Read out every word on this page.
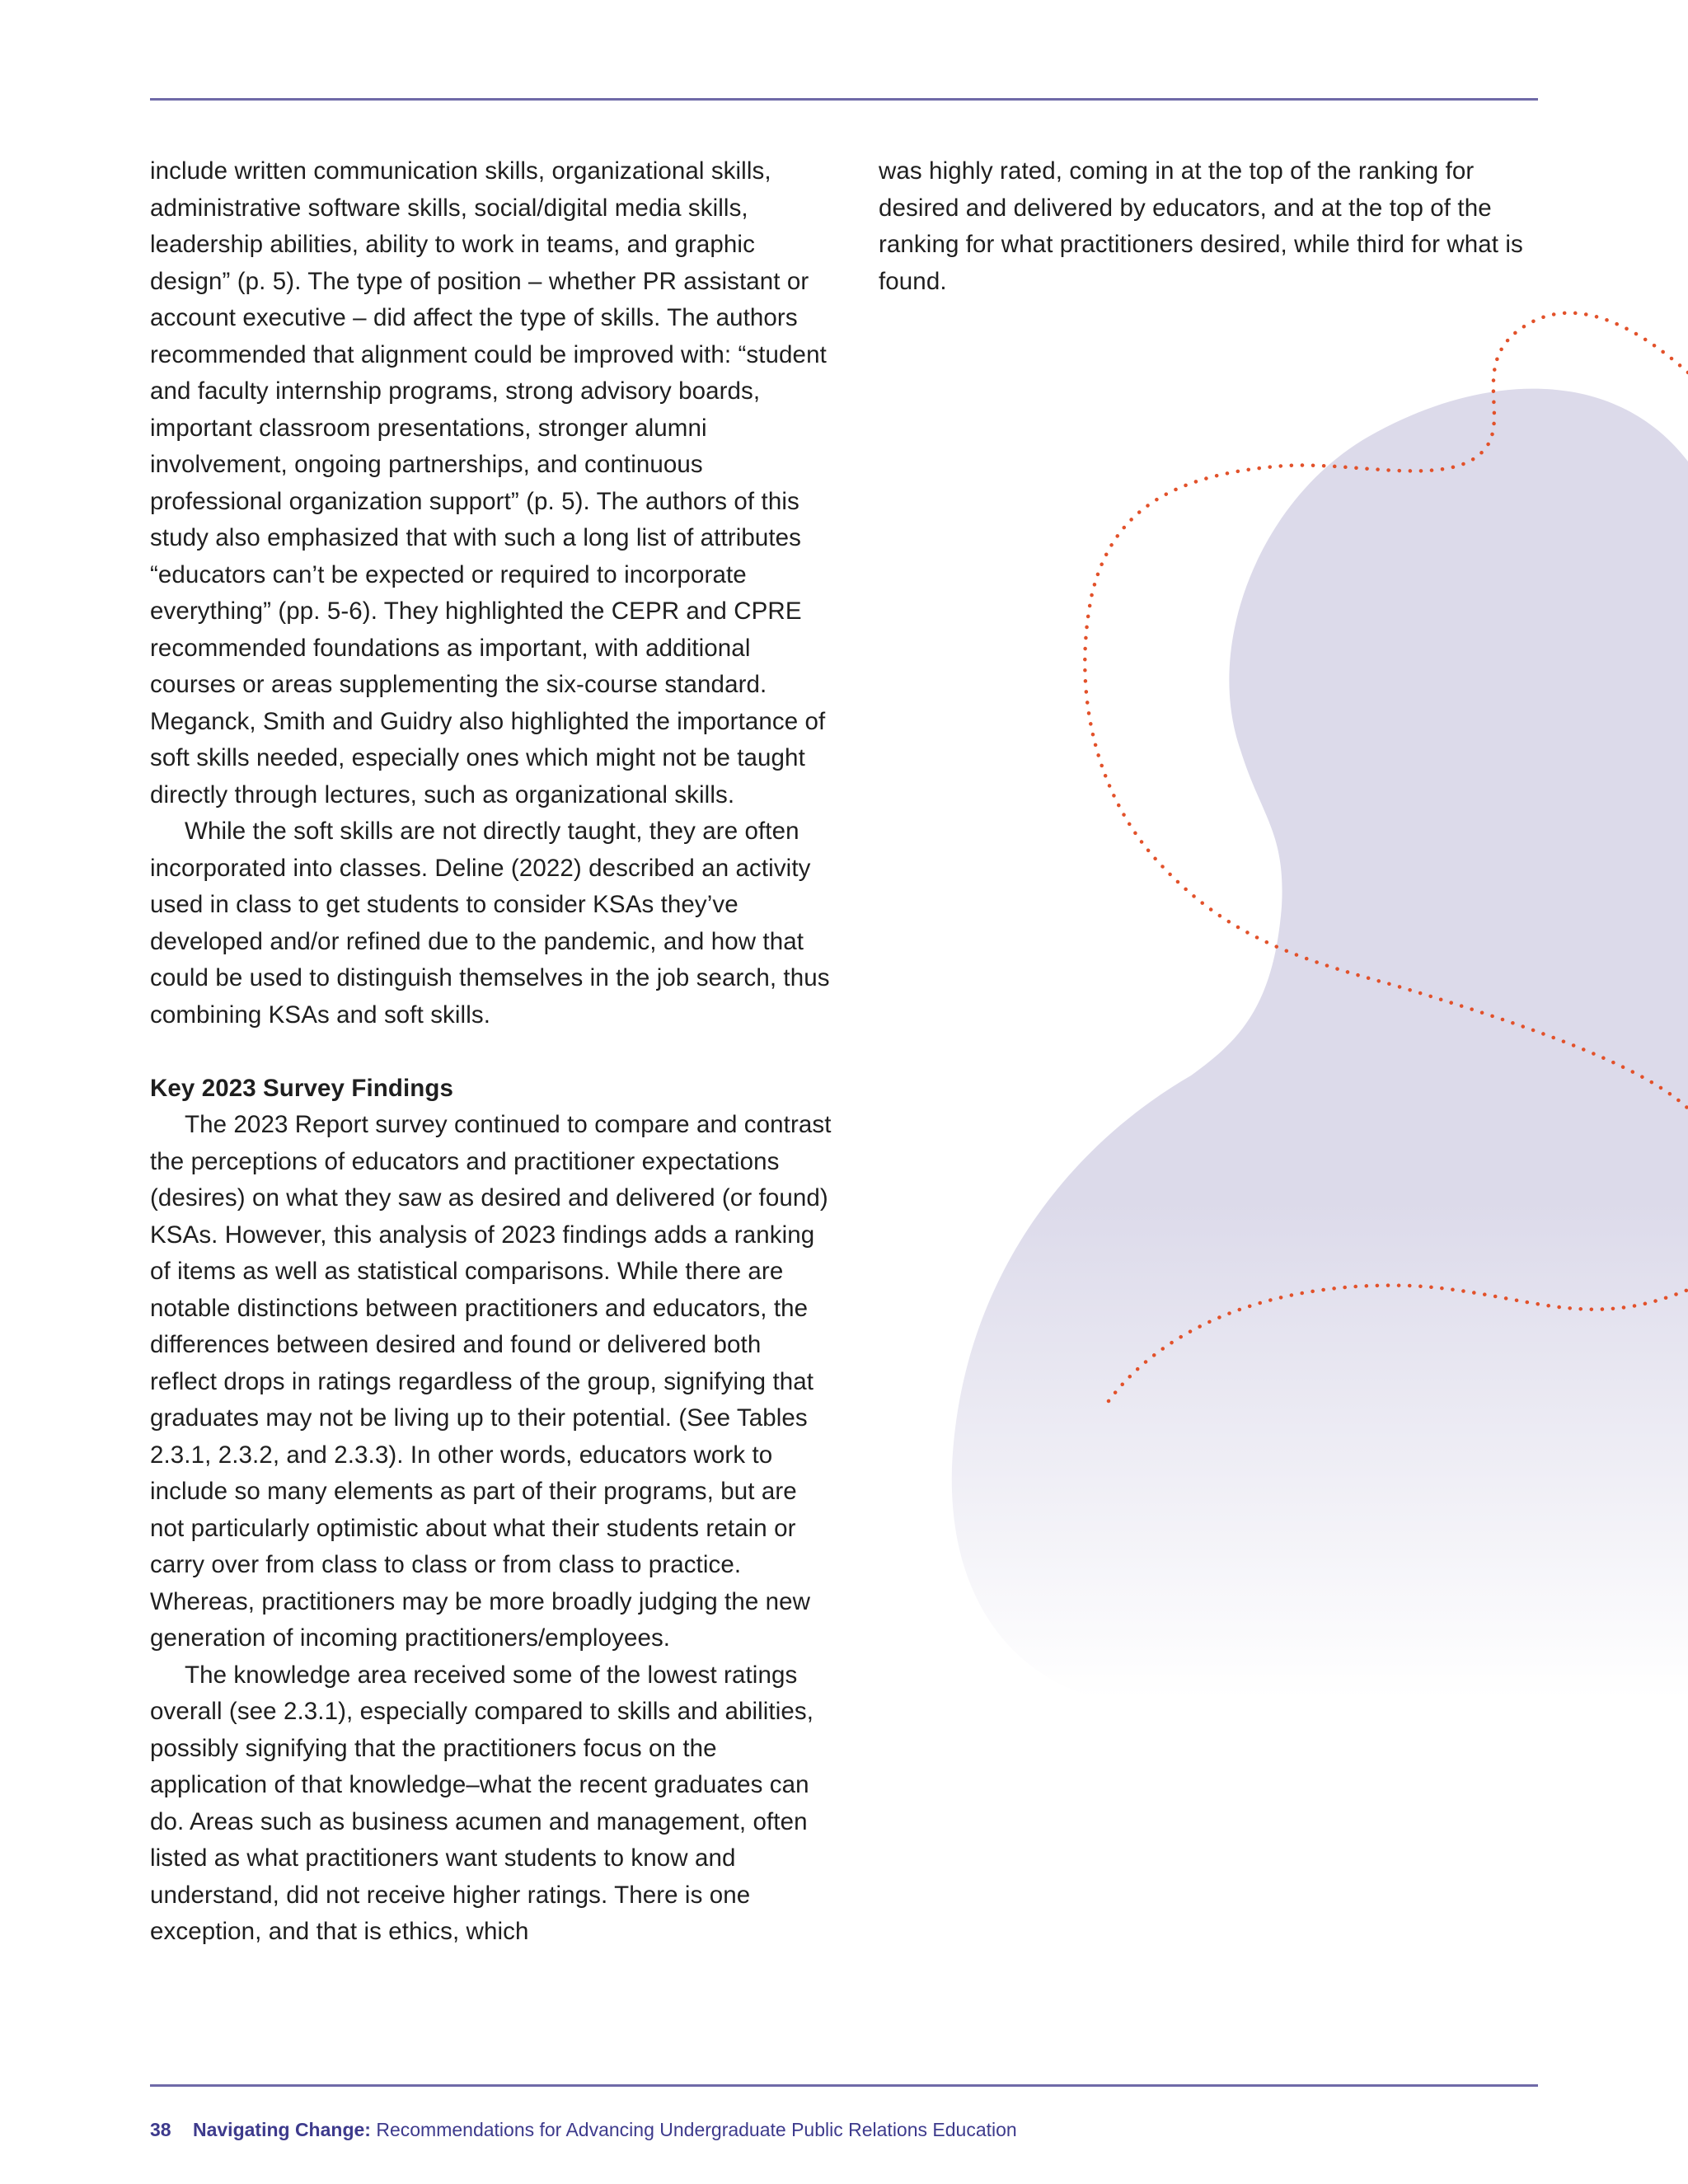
include written communication skills, organizational skills, administrative software skills, social/digital media skills, leadership abilities, ability to work in teams, and graphic design” (p. 5). The type of position – whether PR assistant or account executive – did affect the type of skills. The authors recommended that alignment could be improved with: “student and faculty internship programs, strong advisory boards, important classroom presentations, stronger alumni involvement, ongoing partnerships, and continuous professional organization support” (p. 5). The authors of this study also emphasized that with such a long list of attributes “educators can’t be expected or required to incorporate everything” (pp. 5-6). They highlighted the CEPR and CPRE recommended foundations as important, with additional courses or areas supplementing the six-course standard. Meganck, Smith and Guidry also highlighted the importance of soft skills needed, especially ones which might not be taught directly through lectures, such as organizational skills.

While the soft skills are not directly taught, they are often incorporated into classes. Deline (2022) described an activity used in class to get students to consider KSAs they’ve developed and/or refined due to the pandemic, and how that could be used to distinguish themselves in the job search, thus combining KSAs and soft skills.

Key 2023 Survey Findings

The 2023 Report survey continued to compare and contrast the perceptions of educators and practitioner expectations (desires) on what they saw as desired and delivered (or found) KSAs. However, this analysis of 2023 findings adds a ranking of items as well as statistical comparisons. While there are notable distinctions between practitioners and educators, the differences between desired and found or delivered both reflect drops in ratings regardless of the group, signifying that graduates may not be living up to their potential. (See Tables 2.3.1, 2.3.2, and 2.3.3). In other words, educators work to include so many elements as part of their programs, but are not particularly optimistic about what their students retain or carry over from class to class or from class to practice. Whereas, practitioners may be more broadly judging the new generation of incoming practitioners/employees.

The knowledge area received some of the lowest ratings overall (see 2.3.1), especially compared to skills and abilities, possibly signifying that the practitioners focus on the application of that knowledge–what the recent graduates can do. Areas such as business acumen and management, often listed as what practitioners want students to know and understand, did not receive higher ratings. There is one exception, and that is ethics, which

was highly rated, coming in at the top of the ranking for desired and delivered by educators, and at the top of the ranking for what practitioners desired, while third for what is found.

38 Navigating Change: Recommendations for Advancing Undergraduate Public Relations Education
